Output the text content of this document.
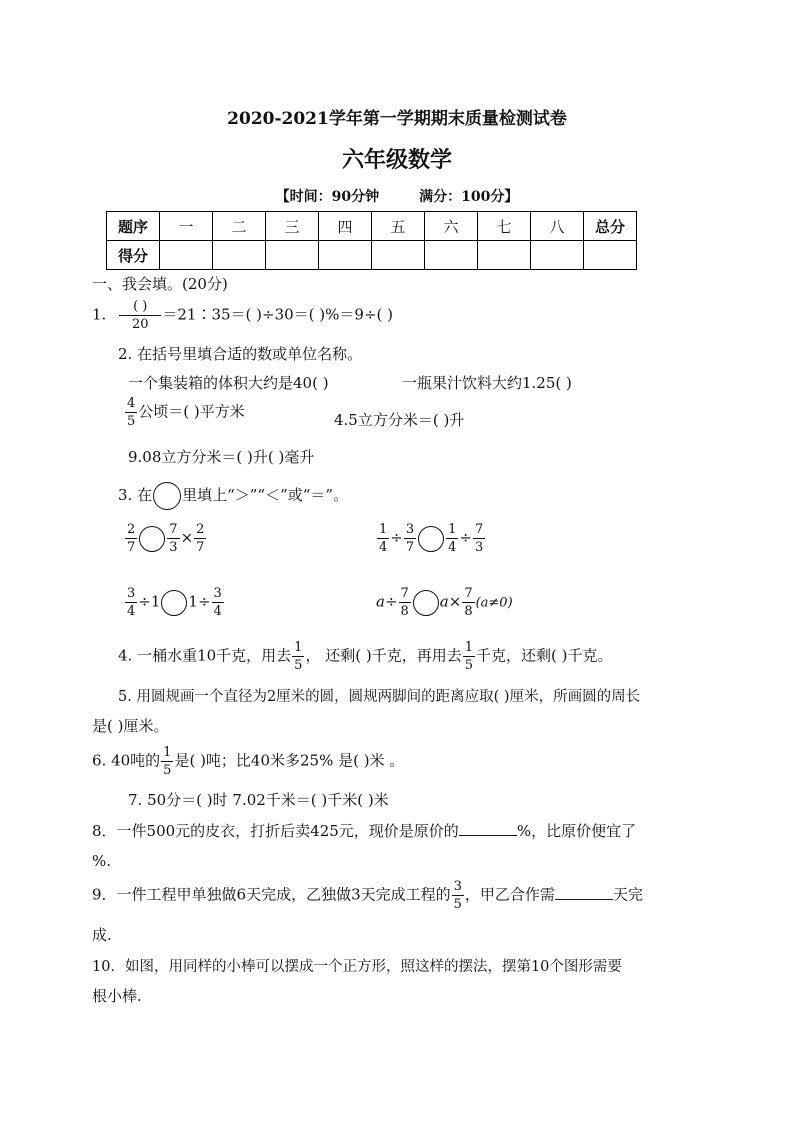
2020-2021学年第一学期期末质量检测试卷
六年级数学
【时间：90分钟	满分：100分】
题序	一	二	三	四	五	六	七	八	总分
得分									
一、我会填。(20分)
1. $\frac{( )}{20}$ ＝21∶35＝( )÷30＝( )%＝9÷( )
2. 在括号里填合适的数或单位名称。
一个集装箱的体积大约是40( )	一瓶果汁饮料大约1.25( )
$\frac{4}{5}$ 公顷＝( )平方米	4.5立方分米＝( )升
9.08立方分米＝( )升( )毫升
3. 在 里填上“＞”“＜”或“＝”。
$\frac{2}{7} \frac{7}{3} \times \frac{2}{7}$	$\frac{1}{4} \div \frac{3}{7} \frac{1}{4} \div \frac{7}{3}$
$\frac{3}{4} \div 1$ $1\div \frac{3}{4}$	$a\div \frac{7}{8} a\times \frac{7}{8} (a\ne 0)$
4. 一桶水重10千克，用去 $\frac{1}{5}$ ， 还剩( )千克，再用去 $\frac{1}{5}$ 千克，还剩( )千克。
5. 用圆规画一个直径为2厘米的圆，圆规两脚间的距离应取( )厘米，所画圆的周长
是( )厘米。
6. 40吨的 $\frac{1}{5}$ 是( )吨；比40米多25% 是( )米 。
7. 50分＝( )时 7.02千米＝( )千米( )米
8．一件500元的皮衣，打折后卖425元，现价是原价的	%，比原价便宜了
%.
9．一件工程甲单独做6天完成，乙独做3天完成工程的 $\frac{3}{5}$ ，甲乙合作需	天完
成.
10．如图，用同样的小棒可以摆成一个正方形，照这样的摆法，摆第10个图形需要
根小棒.
